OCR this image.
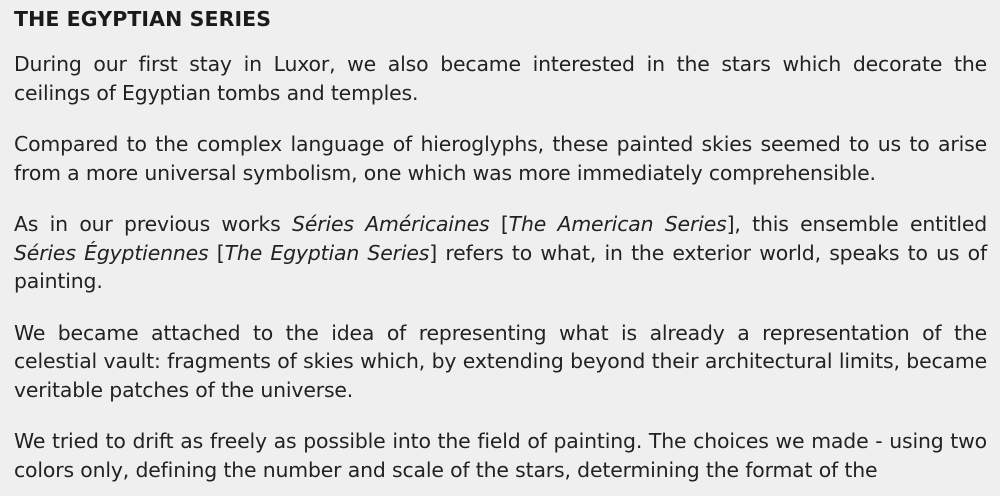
THE EGYPTIAN SERIES

During our first stay in Luxor, we also became interested in the stars which decorate the ceilings of Egyptian tombs and temples.

Compared to the complex language of hieroglyphs, these painted skies seemed to us to arise from a more universal symbolism, one which was more immediately comprehensible.

As in our previous works Séries Américaines [The American Series], this ensemble entitled Séries Égyptiennes [The Egyptian Series] refers to what, in the exterior world, speaks to us of painting.

We became attached to the idea of representing what is already a representation of the celestial vault: fragments of skies which, by extending beyond their architectural limits, became veritable patches of the universe.

We tried to drift as freely as possible into the field of painting. The choices we made - using two colors only, defining the number and scale of the stars, determining the format of the
